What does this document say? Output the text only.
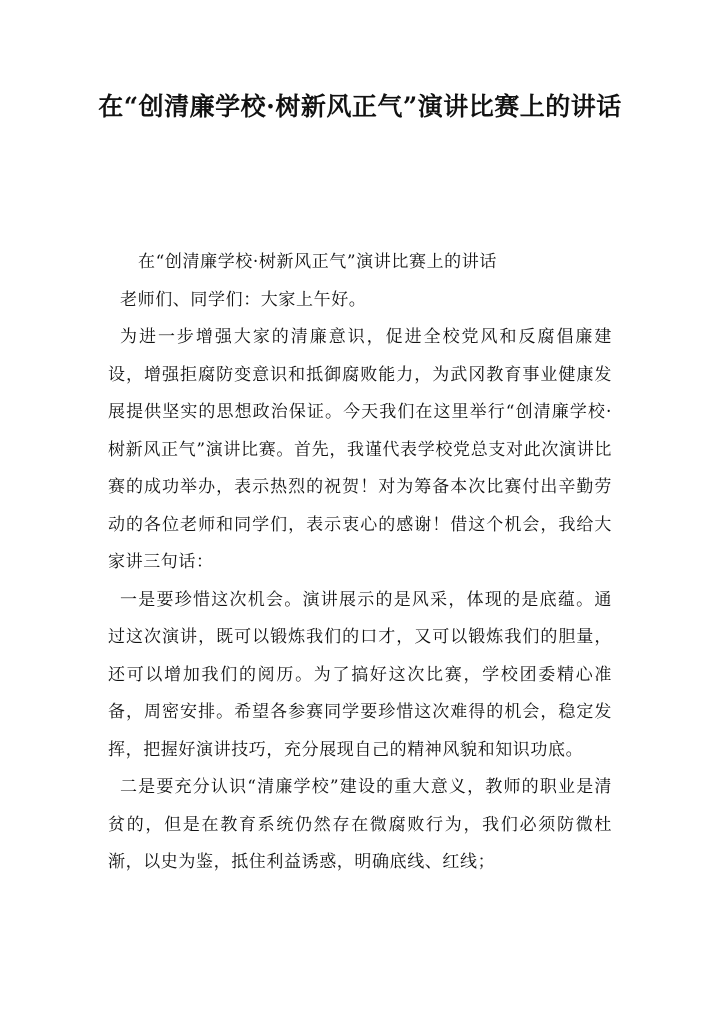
在“创清廉学校·树新风正气”演讲比赛上的讲话

在“创清廉学校·树新风正气”演讲比赛上的讲话

老师们、同学们：大家上午好。

为进一步增强大家的清廉意识，促进全校党风和反腐倡廉建设，增强拒腐防变意识和抵御腐败能力，为武冈教育事业健康发展提供坚实的思想政治保证。今天我们在这里举行“创清廉学校·树新风正气”演讲比赛。首先，我谨代表学校党总支对此次演讲比赛的成功举办，表示热烈的祝贺！对为筹备本次比赛付出辛勤劳动的各位老师和同学们，表示衷心的感谢！借这个机会，我给大家讲三句话：

一是要珍惜这次机会。演讲展示的是风采，体现的是底蕴。通过这次演讲，既可以锻炼我们的口才，又可以锻炼我们的胆量，还可以增加我们的阅历。为了搞好这次比赛，学校团委精心准备，周密安排。希望各参赛同学要珍惜这次难得的机会，稳定发挥，把握好演讲技巧，充分展现自己的精神风貌和知识功底。

二是要充分认识“清廉学校”建设的重大意义，教师的职业是清贫的，但是在教育系统仍然存在微腐败行为，我们必须防微杜渐，以史为鉴，抵住利益诱惑，明确底线、红线；
